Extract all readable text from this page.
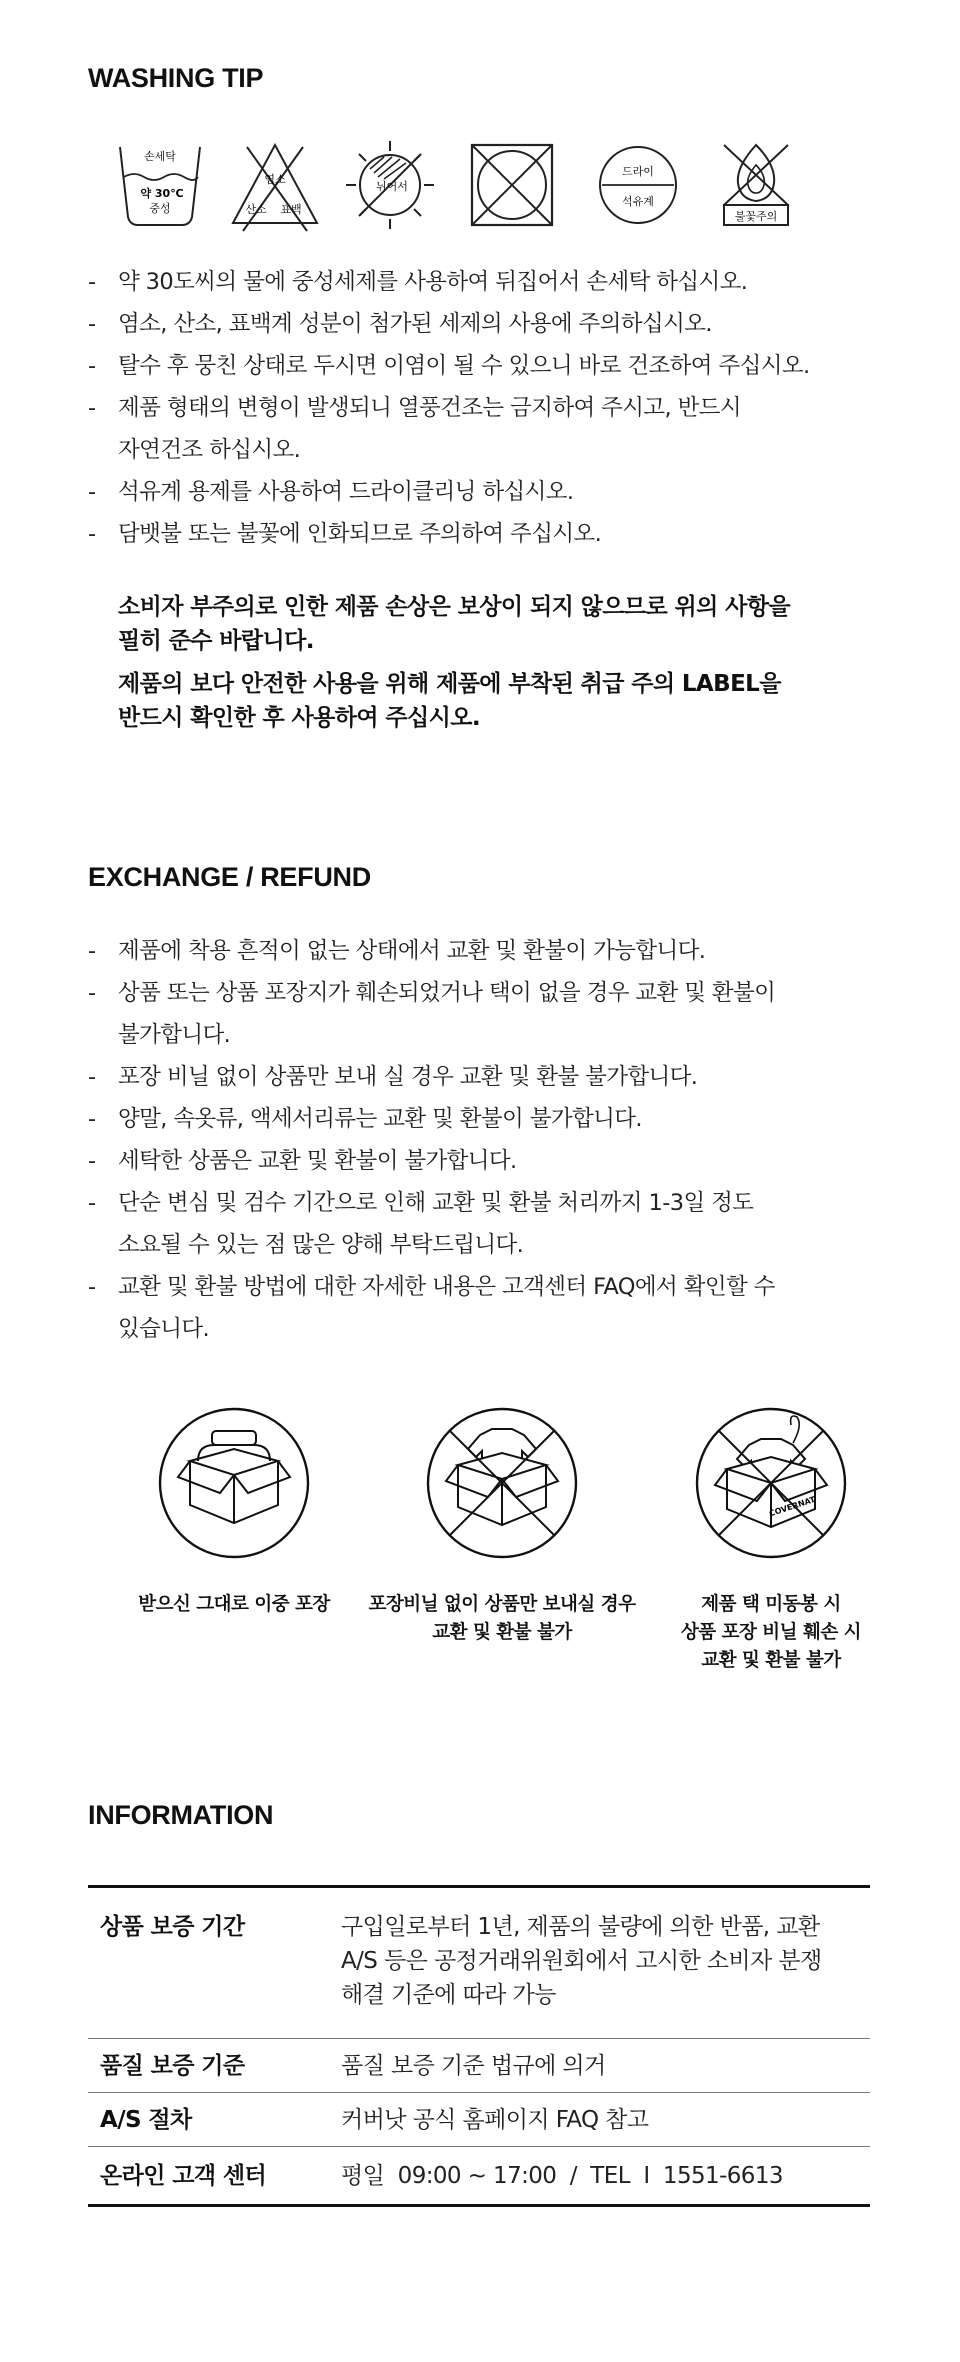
WASHING TIP
손세탁
약 30℃
중성
염소
산소 표백
뉘어서
드라이
석유계
불꽃주의
- 약 30도씨의 물에 중성세제를 사용하여 뒤집어서 손세탁 하십시오.
- 염소, 산소, 표백계 성분이 첨가된 세제의 사용에 주의하십시오.
- 탈수 후 뭉친 상태로 두시면 이염이 될 수 있으니 바로 건조하여 주십시오.
- 제품 형태의 변형이 발생되니 열풍건조는 금지하여 주시고, 반드시
자연건조 하십시오.
- 석유계 용제를 사용하여 드라이클리닝 하십시오.
- 담뱃불 또는 불꽃에 인화되므로 주의하여 주십시오.
소비자 부주의로 인한 제품 손상은 보상이 되지 않으므로 위의 사항을
필히 준수 바랍니다.
제품의 보다 안전한 사용을 위해 제품에 부착된 취급 주의 LABEL을
반드시 확인한 후 사용하여 주십시오.
EXCHANGE / REFUND
- 제품에 착용 흔적이 없는 상태에서 교환 및 환불이 가능합니다.
- 상품 또는 상품 포장지가 훼손되었거나 택이 없을 경우 교환 및 환불이
불가합니다.
- 포장 비닐 없이 상품만 보내 실 경우 교환 및 환불 불가합니다.
- 양말, 속옷류, 액세서리류는 교환 및 환불이 불가합니다.
- 세탁한 상품은 교환 및 환불이 불가합니다.
- 단순 변심 및 검수 기간으로 인해 교환 및 환불 처리까지 1-3일 정도
소요될 수 있는 점 많은 양해 부탁드립니다.
- 교환 및 환불 방법에 대한 자세한 내용은 고객센터 FAQ에서 확인할 수
있습니다.
받으신 그대로 이중 포장	포장비닐 없이 상품만 보내실 경우
교환 및 환불 불가
COVERNAT
제품 택 미동봉 시
상품 포장 비닐 훼손 시
교환 및 환불 불가
INFORMATION
상품 보증 기간	구입일로부터 1년, 제품의 불량에 의한 반품, 교환
A/S 등은 공정거래위원회에서 고시한 소비자 분쟁
해결 기준에 따라 가능
품질 보증 기준	품질 보증 기준 법규에 의거
A/S 절차	커버낫 공식 홈페이지 FAQ 참고
온라인 고객 센터	평일  09:00 ~ 17:00  /  TEL  I  1551-6613
